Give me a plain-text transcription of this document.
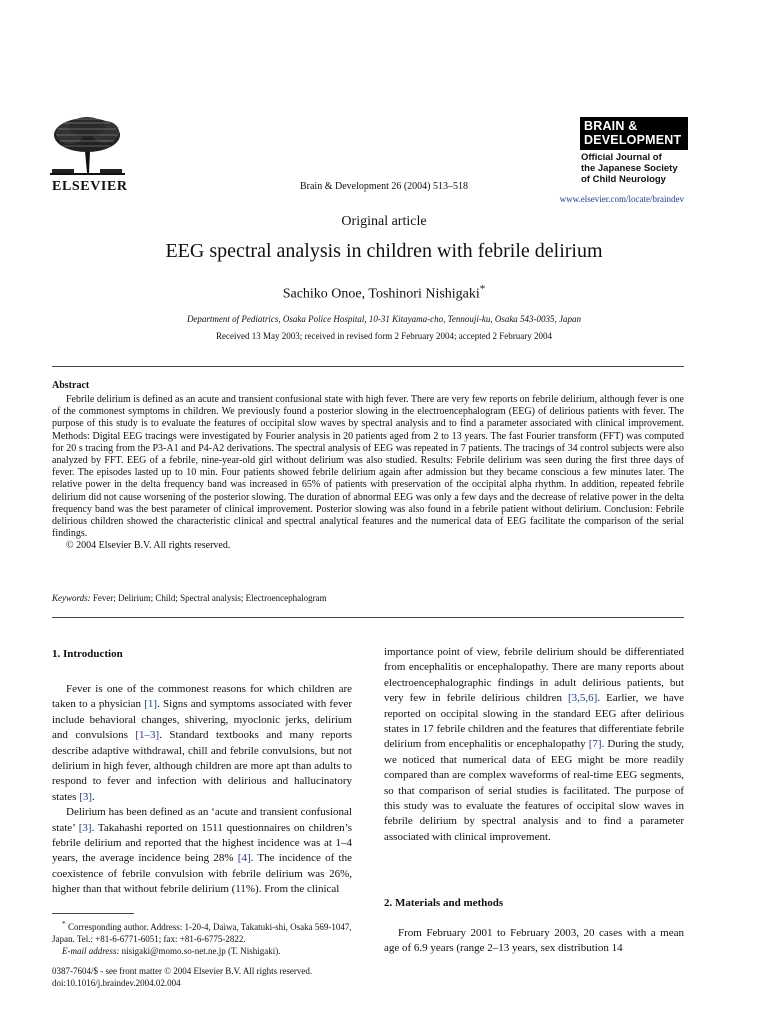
ELSEVIER	Brain & Development 26 (2004) 513–518
BRAIN &
DEVELOPMENT
Official Journal of
the Japanese Society
of Child Neurology
www.elsevier.com/locate/braindev
Original article
EEG spectral analysis in children with febrile delirium
Sachiko Onoe, Toshinori Nishigaki*
Department of Pediatrics, Osaka Police Hospital, 10-31 Kitayama-cho, Tennouji-ku, Osaka 543-0035, Japan
Received 13 May 2003; received in revised form 2 February 2004; accepted 2 February 2004
Abstract

Febrile delirium is defined as an acute and transient confusional state with high fever. There are very few reports on febrile delirium, although fever is one of the commonest symptoms in children. We previously found a posterior slowing in the electroencephalogram (EEG) of delirious patients with fever. The purpose of this study is to evaluate the features of occipital slow waves by spectral analysis and to find a parameter associated with clinical improvement. Methods: Digital EEG tracings were investigated by Fourier analysis in 20 patients aged from 2 to 13 years. The fast Fourier transform (FFT) was computed for 20 s tracing from the P3-A1 and P4-A2 derivations. The spectral analysis of EEG was repeated in 7 patients. The tracings of 34 control subjects were also analyzed by FFT. EEG of a febrile, nine-year-old girl without delirium was also studied. Results: Febrile delirium was seen during the first three days of fever. The episodes lasted up to 10 min. Four patients showed febrile delirium again after admission but they became conscious a few minutes later. The relative power in the delta frequency band was increased in 65% of patients with preservation of the occipital alpha rhythm. In addition, repeated febrile delirium did not cause worsening of the posterior slowing. The duration of abnormal EEG was only a few days and the decrease of relative power in the delta frequency band was the best parameter of clinical improvement. Posterior slowing was also found in a febrile patient without delirium. Conclusion: Febrile delirious children showed the characteristic clinical and spectral analytical features and the numerical data of EEG facilitate the comparison of the serial findings.

© 2004 Elsevier B.V. All rights reserved.

Keywords: Fever; Delirium; Child; Spectral analysis; Electroencephalogram
1. Introduction

Fever is one of the commonest reasons for which children are taken to a physician [1]. Signs and symptoms associated with fever include behavioral changes, shivering, myoclonic jerks, delirium and convulsions [1–3]. Standard textbooks and many reports describe adaptive withdrawal, chill and febrile convulsions, but not delirium in high fever, although children are more apt than adults to respond to fever and infection with delirious and hallucinatory states [3].

Delirium has been defined as an ‘acute and transient confusional state’ [3]. Takahashi reported on 1511 questionnaires on children’s febrile delirium and reported that the highest incidence was at 1–4 years, the average incidence being 28% [4]. The incidence of the coexistence of febrile convulsion with febrile delirium was 26%, higher than that without febrile delirium (11%). From the clinical

importance point of view, febrile delirium should be differentiated from encephalitis or encephalopathy. There are many reports about electroencephalographic findings in adult delirious patients, but very few in febrile delirious children [3,5,6]. Earlier, we have reported on occipital slowing in the standard EEG after delirious states in 17 febrile children and the features that differentiate febrile delirium from encephalitis or encephalopathy [7]. During the study, we noticed that numerical data of EEG might be more readily compared than are complex waveforms of real-time EEG segments, so that comparison of serial studies is facilitated. The purpose of this study was to evaluate the features of occipital slow waves in febrile delirium by spectral analysis and to find a parameter associated with clinical improvement.

2. Materials and methods

From February 2001 to February 2003, 20 cases with a mean age of 6.9 years (range 2–13 years, sex distribution 14

* Corresponding author. Address: 1-20-4, Daiwa, Takatuki-shi, Osaka 569-1047, Japan. Tel.: +81-6-6771-6051; fax: +81-6-6775-2822.

E-mail address: nisigaki@momo.so-net.ne.jp (T. Nishigaki).

0387-7604/$ - see front matter © 2004 Elsevier B.V. All rights reserved.
doi:10.1016/j.braindev.2004.02.004
